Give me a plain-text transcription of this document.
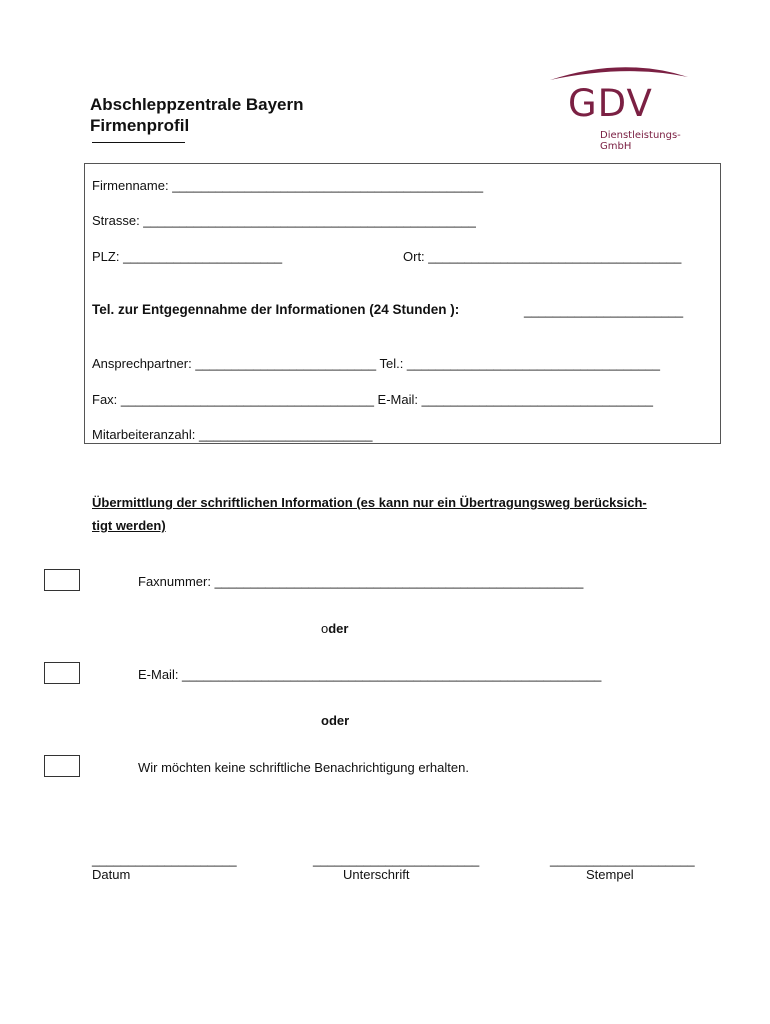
Abschleppzentrale Bayern
Firmenprofil
GDV
Dienstleistungs-GmbH
Firmenname: ___________________________________________
Strasse: ______________________________________________
PLZ: ______________________	Ort: ___________________________________
Tel. zur Entgegennahme der Informationen (24 Stunden ):	______________________
Ansprechpartner: _________________________ Tel.: ___________________________________
Fax: ___________________________________ E-Mail: ________________________________
Mitarbeiteranzahl: ________________________
Übermittlung der schriftlichen Information (es kann nur ein Übertragungsweg berücksich-
tigt werden)
Faxnummer: ___________________________________________________
oder
E-Mail: __________________________________________________________
oder
Wir möchten keine schriftliche Benachrichtigung erhalten.
____________________	_______________________	____________________
Datum	Unterschrift	Stempel
